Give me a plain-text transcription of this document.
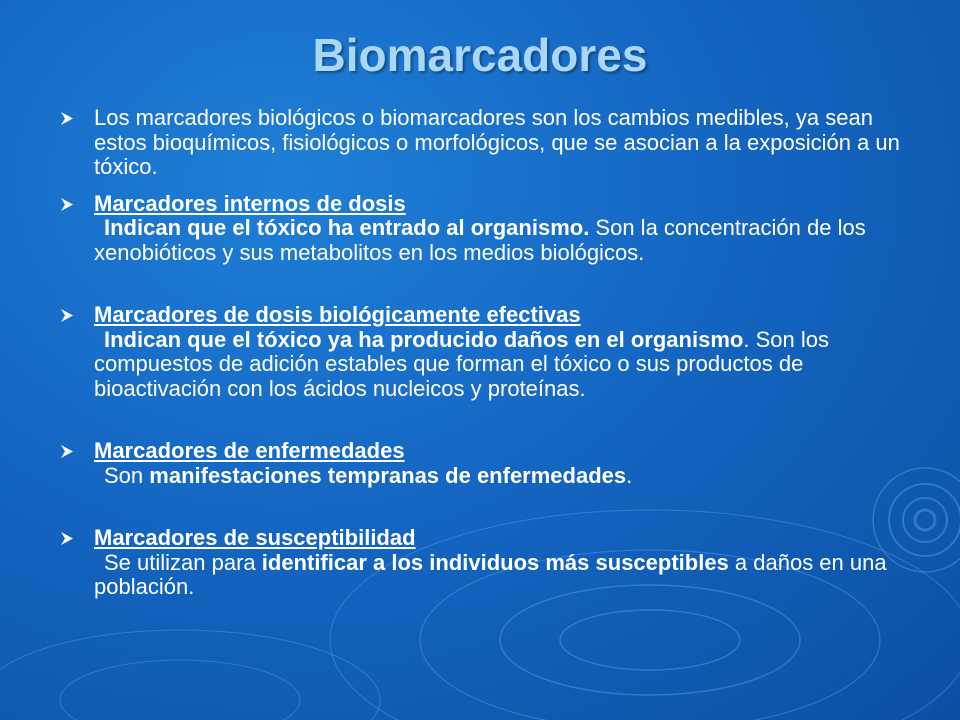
Biomarcadores
Los marcadores biológicos o biomarcadores son los cambios medibles, ya sean estos bioquímicos, fisiológicos o morfológicos, que se asocian a la exposición a un tóxico.
Marcadores internos de dosis
Indican que el tóxico ha entrado al organismo. Son la concentración de los xenobióticos y sus metabolitos en los medios biológicos.
Marcadores de dosis biológicamente efectivas
Indican que el tóxico ya ha producido daños en el organismo. Son los compuestos de adición estables que forman el tóxico o sus productos de bioactivación con los ácidos nucleicos y proteínas.
Marcadores de enfermedades
Son manifestaciones tempranas de enfermedades.
Marcadores de susceptibilidad
Se utilizan para identificar a los individuos más susceptibles a daños en una población.
